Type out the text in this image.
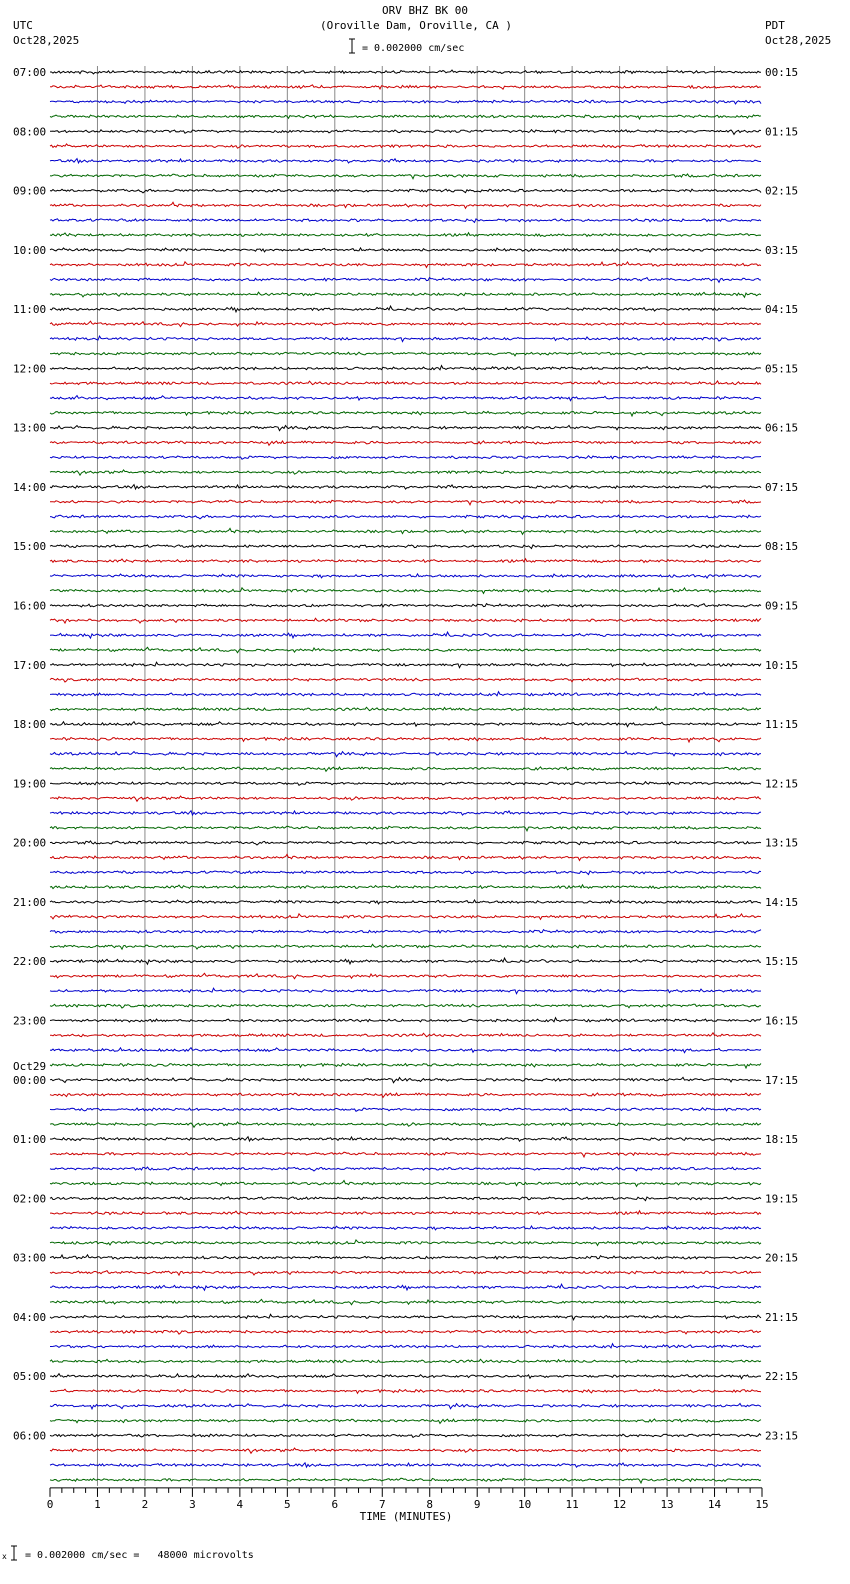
ORV BHZ BK 00
(Oroville Dam, Oroville, CA )
= 0.002000 cm/sec
UTC
Oct28,2025
PDT
Oct28,2025
07:00	00:15
08:00	01:15
09:00	02:15
10:00	03:15
11:00	04:15
12:00	05:15
13:00	06:15
14:00	07:15
15:00	08:15
16:00	09:15
17:00	10:15
18:00	11:15
19:00	12:15
20:00	13:15
21:00	14:15
22:00	15:15
23:00	16:15
00:00	17:15
Oct29
01:00	18:15
02:00	19:15
03:00	20:15
04:00	21:15
05:00	22:15
06:00	23:15
0	1	2	3	4	5	6	7	8	9	10	11	12	13	14	15
TIME (MINUTES)
x = 0.002000 cm/sec =   48000 microvolts
